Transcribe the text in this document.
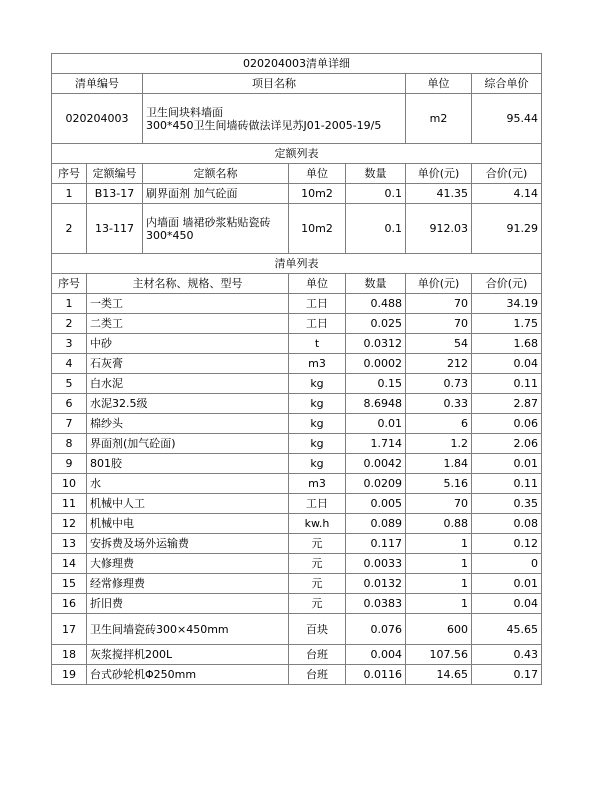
020204003清单详细						
清单编号		项目名称			单位	综合单价
020204003		卫生间块料墙面
300*450卫生间墙砖做法详见苏J01-2005-19/5			m2	95.44
定额列表						
序号	定额编号	定额名称	单位	数量	单价(元)	合价(元)
1	B13-17	刷界面剂 加气砼面	10m2	0.1	41.35	4.14
2	13-117	内墙面 墙裙砂浆粘贴瓷砖 300*450	10m2	0.1	912.03	91.29
清单列表						
序号	主材名称、规格、型号		单位	数量	单价(元)	合价(元)
1	一类工		工日	0.488	70	34.19
2	二类工		工日	0.025	70	1.75
3	中砂		t	0.0312	54	1.68
4	石灰膏		m3	0.0002	212	0.04
5	白水泥		kg	0.15	0.73	0.11
6	水泥32.5级		kg	8.6948	0.33	2.87
7	棉纱头		kg	0.01	6	0.06
8	界面剂(加气砼面)		kg	1.714	1.2	2.06
9	801胶		kg	0.0042	1.84	0.01
10	水		m3	0.0209	5.16	0.11
11	机械中人工		工日	0.005	70	0.35
12	机械中电		kw.h	0.089	0.88	0.08
13	安拆费及场外运输费		元	0.117	1	0.12
14	大修理费		元	0.0033	1	0
15	经常修理费		元	0.0132	1	0.01
16	折旧费		元	0.0383	1	0.04
17	卫生间墙瓷砖300×450mm		百块	0.076	600	45.65
18	灰浆搅拌机200L		台班	0.004	107.56	0.43
19	台式砂轮机Φ250mm		台班	0.0116	14.65	0.17
